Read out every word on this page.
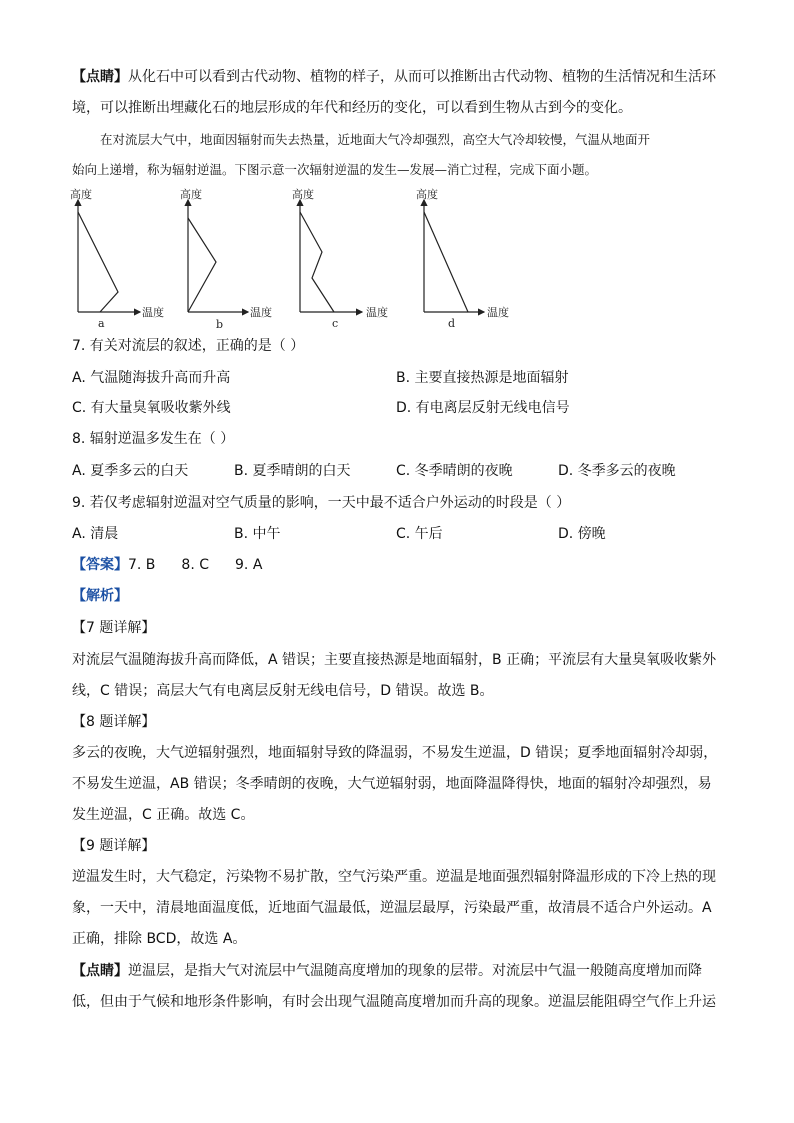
【点睛】从化石中可以看到古代动物、植物的样子，从而可以推断出古代动物、植物的生活情况和生活环
境，可以推断出埋藏化石的地层形成的年代和经历的变化，可以看到生物从古到今的变化。
在对流层大气中，地面因辐射而失去热量，近地面大气冷却强烈，高空大气冷却较慢，气温从地面开
始向上递增，称为辐射逆温。下图示意一次辐射逆温的发生—发展—消亡过程，完成下面小题。
高度
温度
a
高度
温度
b
高度
温度
c
高度
温度
d
7. 有关对流层的叙述，正确的是（ ）
A. 气温随海拔升高而升高	B. 主要直接热源是地面辐射
C. 有大量臭氧吸收紫外线	D. 有电离层反射无线电信号
8. 辐射逆温多发生在（ ）
A. 夏季多云的白天	B. 夏季晴朗的白天	C. 冬季晴朗的夜晚	D. 冬季多云的夜晚
9. 若仅考虑辐射逆温对空气质量的影响，一天中最不适合户外运动的时段是（ ）
A. 清晨	B. 中午	C. 午后	D. 傍晚
【答案】7. B 8. C 9. A
【解析】
【7 题详解】
对流层气温随海拔升高而降低，A 错误；主要直接热源是地面辐射，B 正确；平流层有大量臭氧吸收紫外
线，C 错误；高层大气有电离层反射无线电信号，D 错误。故选 B。
【8 题详解】
多云的夜晚，大气逆辐射强烈，地面辐射导致的降温弱，不易发生逆温，D 错误；夏季地面辐射冷却弱，
不易发生逆温，AB 错误；冬季晴朗的夜晚，大气逆辐射弱，地面降温降得快，地面的辐射冷却强烈，易
发生逆温，C 正确。故选 C。
【9 题详解】
逆温发生时，大气稳定，污染物不易扩散，空气污染严重。逆温是地面强烈辐射降温形成的下冷上热的现
象，一天中，清晨地面温度低，近地面气温最低，逆温层最厚，污染最严重，故清晨不适合户外运动。A
正确，排除 BCD，故选 A。
【点睛】逆温层，是指大气对流层中气温随高度增加的现象的层带。对流层中气温一般随高度增加而降
低，但由于气候和地形条件影响，有时会出现气温随高度增加而升高的现象。逆温层能阻碍空气作上升运
